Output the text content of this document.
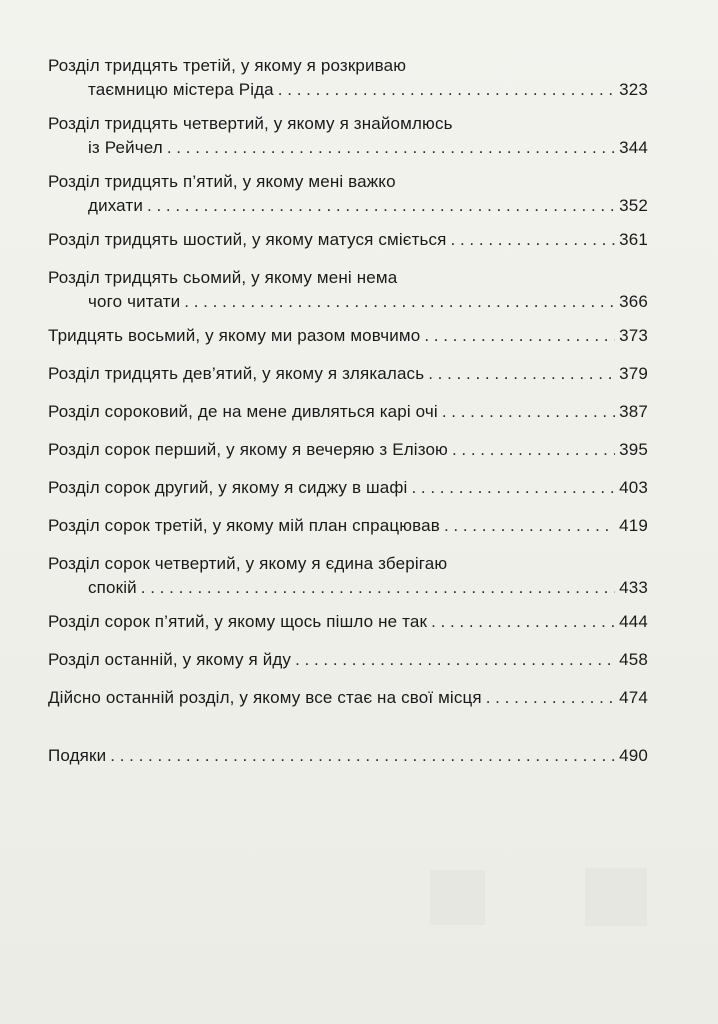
Розділ тридцять третій, у якому я розкриваю
таємницю містера Ріда . . .	323
Розділ тридцять четвертий, у якому я знайомлюсь
із Рейчел . . .	344
Розділ тридцять п’ятий, у якому мені важко
дихати . . .	352
Розділ тридцять шостий, у якому матуся сміється . . .	361
Розділ тридцять сьомий, у якому мені нема
чого читати . . .	366
Тридцять восьмий, у якому ми разом мовчимо . . .	373
Розділ тридцять дев’ятий, у якому я злякалась . . .	379
Розділ сороковий, де на мене дивляться карі очі . . .	387
Розділ сорок перший, у якому я вечеряю з Елізою . . .	395
Розділ сорок другий, у якому я сиджу в шафі . . .	403
Розділ сорок третій, у якому мій план спрацював . . .	419
Розділ сорок четвертий, у якому я єдина зберігаю
спокій . . .	433
Розділ сорок п’ятий, у якому щось пішло не так . . .	444
Розділ останній, у якому я йду . . .	458
Дійсно останній розділ, у якому все стає на свої місця . . .	474
Подяки . . .	490
